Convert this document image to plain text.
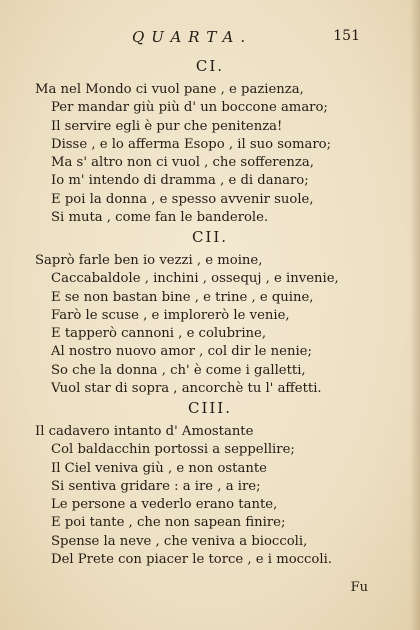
QUARTA.	151
CI.
Ma nel Mondo ci vuol pane , e pazienza,
Per mandar giù più d' un boccone amaro;
Il servire egli è pur che penitenza!
Disse , e lo afferma Esopo , il suo somaro;
Ma s' altro non ci vuol , che sofferenza,
Io m' intendo di dramma , e di danaro;
E poi la donna , e spesso avvenir suole,
Si muta , come fan le banderole.
CII.
Saprò farle ben io vezzi , e moine,
Caccabaldole , inchini , ossequj , e invenie,
E se non bastan bine , e trine , e quine,
Farò le scuse , e implorerò le venie,
E tapperò cannoni , e colubrine,
Al nostro nuovo amor , col dir le nenie;
So che la donna , ch' è come i galletti,
Vuol star di sopra , ancorchè tu l' affetti.
CIII.
Il cadavero intanto d' Amostante
Col baldacchin portossi a seppellire;
Il Ciel veniva giù , e non ostante
Si sentiva gridare : a ire , a ire;
Le persone a vederlo erano tante,
E poi tante , che non sapean finire;
Spense la neve , che veniva a bioccoli,
Del Prete con piacer le torce , e i moccoli.
Fu
